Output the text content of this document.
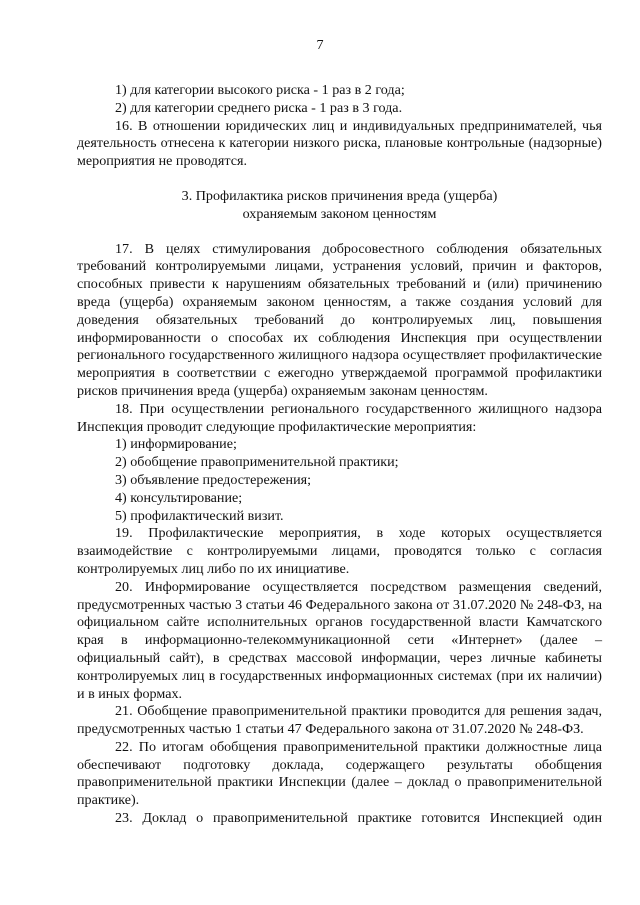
7

1) для категории высокого риска - 1 раз в 2 года;

2) для категории среднего риска - 1 раз в 3 года.

16. В отношении юридических лиц и индивидуальных предпринимателей, чья деятельность отнесена к категории низкого риска, плановые контрольные (надзорные) мероприятия не проводятся.

3. Профилактика рисков причинения вреда (ущерба)

охраняемым законом ценностям

17. В целях стимулирования добросовестного соблюдения обязательных требований контролируемыми лицами, устранения условий, причин и факторов, способных привести к нарушениям обязательных требований и (или) причинению вреда (ущерба) охраняемым законом ценностям, а также создания условий для доведения обязательных требований до контролируемых лиц, повышения информированности о способах их соблюдения Инспекция при осуществлении регионального государственного жилищного надзора осуществляет профилактические мероприятия в соответствии с ежегодно утверждаемой программой профилактики рисков причинения вреда (ущерба) охраняемым законам ценностям.

18. При осуществлении регионального государственного жилищного надзора Инспекция проводит следующие профилактические мероприятия:

1) информирование;

2) обобщение правоприменительной практики;

3) объявление предостережения;

4) консультирование;

5) профилактический визит.

19. Профилактические мероприятия, в ходе которых осуществляется взаимодействие с контролируемыми лицами, проводятся только с согласия контролируемых лиц либо по их инициативе.

20. Информирование осуществляется посредством размещения сведений, предусмотренных частью 3 статьи 46 Федерального закона от 31.07.2020 № 248-ФЗ, на официальном сайте исполнительных органов государственной власти Камчатского края в информационно-телекоммуникационной сети «Интернет» (далее – официальный сайт), в средствах массовой информации, через личные кабинеты контролируемых лиц в государственных информационных системах (при их наличии) и в иных формах.

21. Обобщение правоприменительной практики проводится для решения задач, предусмотренных частью 1 статьи 47 Федерального закона от 31.07.2020 № 248-ФЗ.

22. По итогам обобщения правоприменительной практики должностные лица обеспечивают подготовку доклада, содержащего результаты обобщения правоприменительной практики Инспекции (далее – доклад о правоприменительной практике).

23. Доклад о правоприменительной практике готовится Инспекцией один
